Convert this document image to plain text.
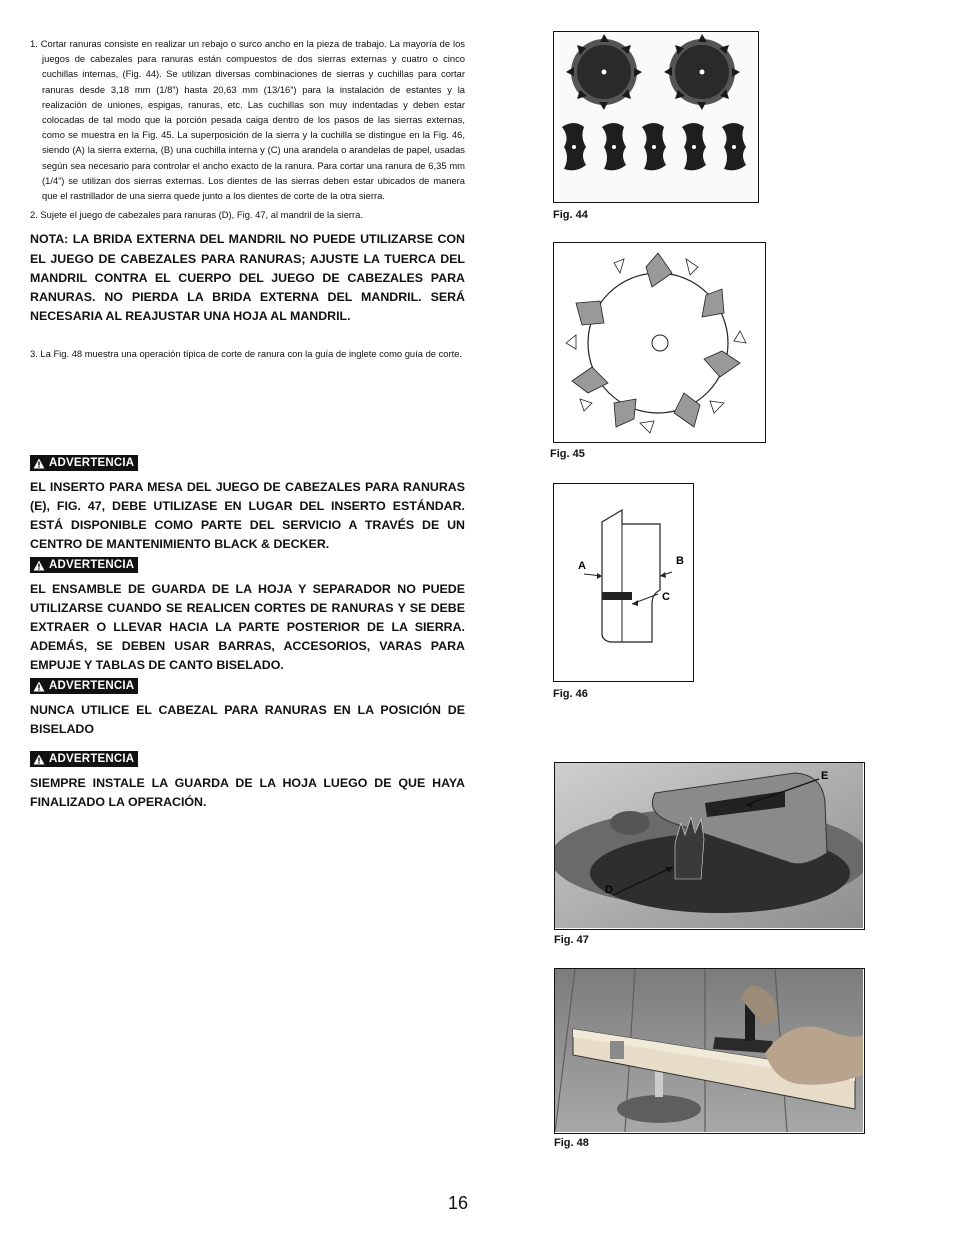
1. Cortar ranuras consiste en realizar un rebajo o surco ancho en la pieza de trabajo. La mayoría de los juegos de cabezales para ranuras están compuestos de dos sierras externas y cuatro o cinco cuchillas internas, (Fig. 44). Se utilizan diversas combinaciones de sierras y cuchillas para cortar ranuras desde 3,18 mm (1/8”) hasta 20,63 mm (13/16”) para la instalación de estantes y la realización de uniones, espigas, ranuras, etc. Las cuchillas son muy indentadas y deben estar colocadas de tal modo que la porción pesada caiga dentro de los pasos de las sierras externas, como se muestra en la Fig. 45. La superposición de la sierra y la cuchilla se distingue en la Fig. 46, siendo (A) la sierra externa, (B) una cuchilla interna y (C) una arandela o arandelas de papel, usadas según sea necesario para controlar el ancho exacto de la ranura. Para cortar una ranura de 6,35 mm (1/4”) se utilizan dos sierras externas. Los dientes de las sierras deben estar ubicados de manera que el rastrillador de una sierra quede junto a los dientes de corte de la otra sierra.

2. Sujete el juego de cabezales para ranuras (D), Fig. 47, al mandril de la sierra.

NOTA: LA BRIDA EXTERNA DEL MANDRIL NO PUEDE UTILIZARSE CON EL JUEGO DE CABEZALES PARA RANURAS; AJUSTE LA TUERCA DEL MANDRIL CONTRA EL CUERPO DEL JUEGO DE CABEZALES PARA RANURAS. NO PIERDA LA BRIDA EXTERNA DEL MANDRIL. SERÁ NECESARIA AL REAJUSTAR UNA HOJA AL MANDRIL.

3. La Fig. 48 muestra una operación típica de corte de ranura con la guía de inglete como guía de corte.

ADVERTENCIA

EL INSERTO PARA MESA DEL JUEGO DE CABEZALES PARA RANURAS (E), FIG. 47, DEBE UTILIZASE EN LUGAR DEL INSERTO ESTÁNDAR. ESTÁ DISPONIBLE COMO PARTE DEL SERVICIO A TRAVÉS DE UN CENTRO DE MANTENIMIENTO BLACK & DECKER.

ADVERTENCIA

EL ENSAMBLE DE GUARDA DE LA HOJA Y SEPARADOR NO PUEDE UTILIZARSE CUANDO SE REALICEN CORTES DE RANURAS Y SE DEBE EXTRAER O LLEVAR HACIA LA PARTE POSTERIOR DE LA SIERRA. ADEMÁS, SE DEBEN USAR BARRAS, ACCESORIOS, VARAS PARA EMPUJE Y TABLAS DE CANTO BISELADO.

ADVERTENCIA

NUNCA UTILICE EL CABEZAL PARA RANURAS EN LA POSICIÓN DE BISELADO

ADVERTENCIA

SIEMPRE INSTALE LA GUARDA DE LA HOJA LUEGO DE QUE HAYA FINALIZADO LA OPERACIÓN.

Fig. 44
Fig. 45
A	B
C
Fig. 46
D
E
Fig. 47
Fig. 48
16
